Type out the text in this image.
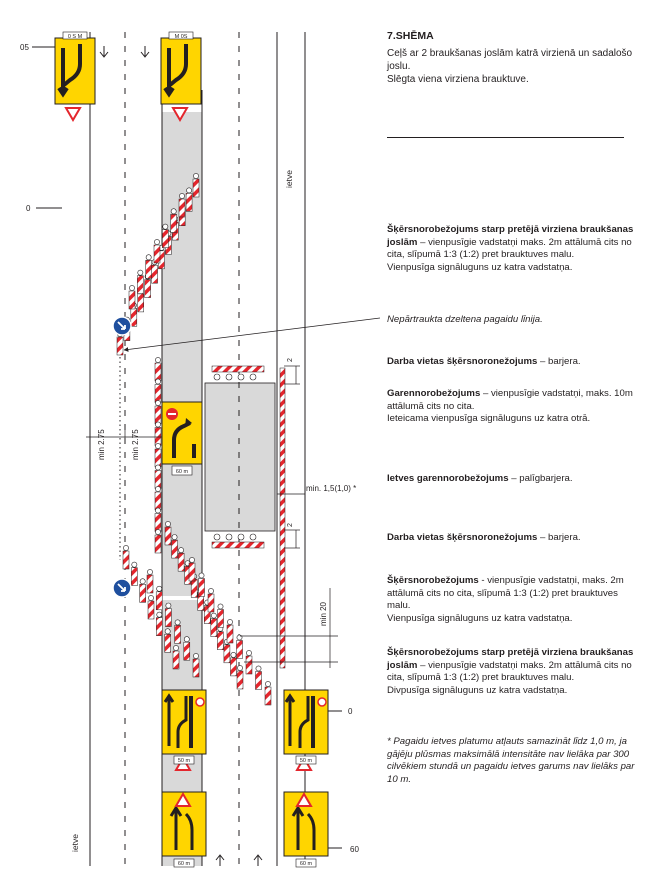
0 S M	M 0S
60 m
50 m	50 m
60 m	60 m
05
0
0
60
ietve
ietve
min 2.75	min 2.75
2
2
min. 1,5(1,0) *
min 20
7.SHĒMA
Ceļš ar 2 braukšanas joslām katrā virzienā un sadalošo joslu.
Slēgta viena virziena brauktuve.
Šķērsnorobežojums starp pretējā virziena braukšanas joslām – vienpusīgie vadstatņi maks. 2m attālumā cits no cita, slīpumā 1:3 (1:2) pret brauktuves malu.
Vienpusīga signāluguns uz katra vadstatņa.
Nepārtraukta dzeltena pagaidu līnija.
Darba vietas šķērsnoronežojums – barjera.
Garennorobežojums – vienpusīgie vadstatņi, maks. 10m attālumā cits no cita.
Ieteicama vienpusīga signāluguns uz katra otrā.
Ietves garennorobežojums – palīgbarjera.
Darba vietas šķērsnoronežojums – barjera.
Šķērsnorobežojums - vienpusīgie vadstatņi, maks. 2m attālumā cits no cita, slīpumā 1:3 (1:2) pret brauktuves malu.
Vienpusīga signāluguns uz katra vadstatņa.
Šķērsnorobežojums starp pretējā virziena braukšanas joslām – vienpusīgie vadstatņi maks. 2m attālumā cits no cita, slīpumā 1:3 (1:2) pret brauktuves malu.
Divpusīga signāluguns uz katra vadstatņa.
* Pagaidu ietves platumu atļauts samazināt līdz 1,0 m, ja gājēju plūsmas maksimālā intensitāte nav lielāka par 300 cilvēkiem stundā un pagaidu ietves garums nav lielāks par 10 m.
